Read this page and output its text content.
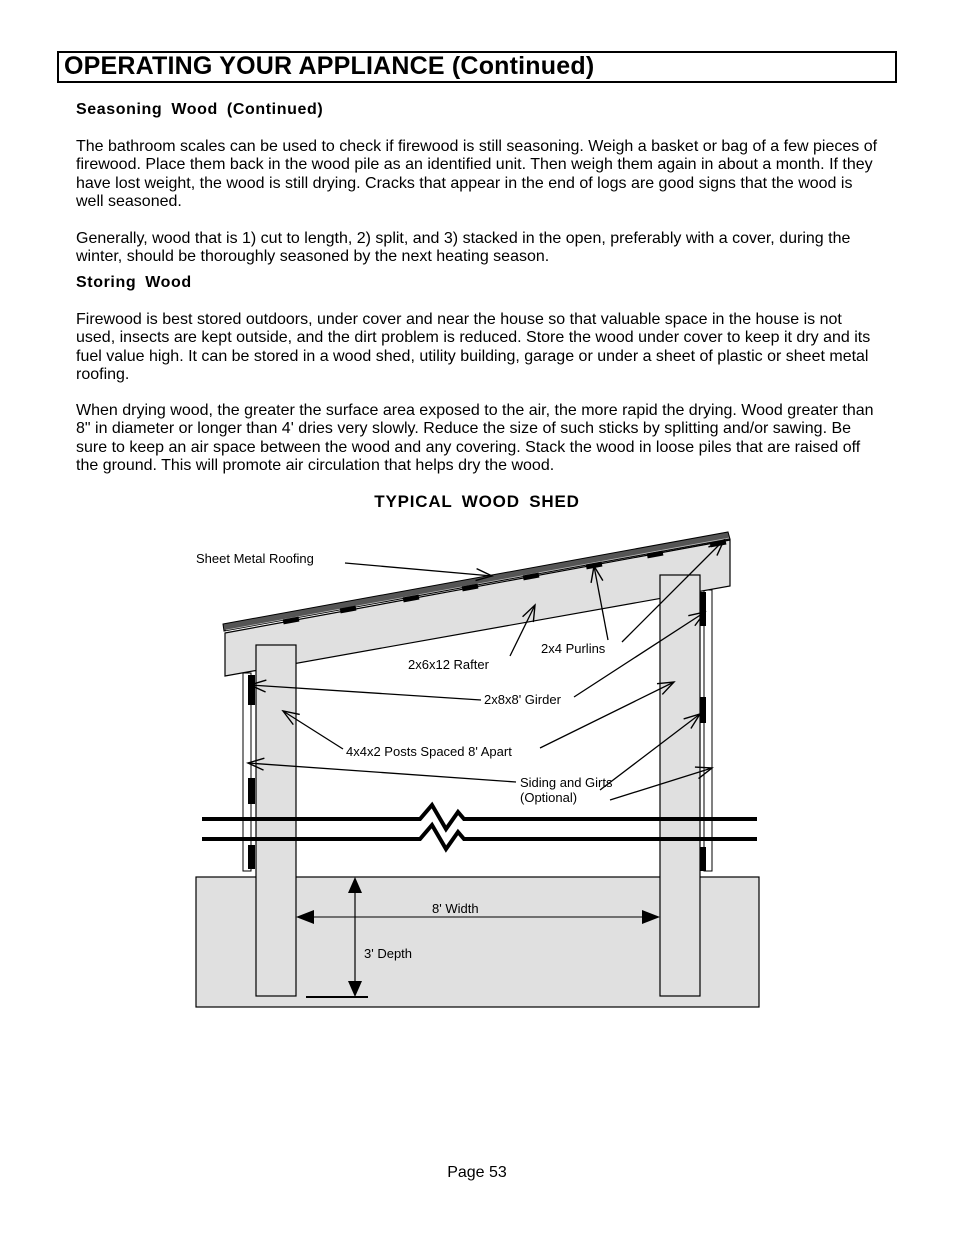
OPERATING YOUR APPLIANCE (Continued)
Seasoning Wood (Continued)
The bathroom scales can be used to check if firewood is still seasoning. Weigh a basket or bag of a few pieces of firewood. Place them back in the wood pile as an identified unit. Then weigh them again in about a month. If they have lost weight, the wood is still drying. Cracks that appear in the end of logs are good signs that the wood is well seasoned.
Generally, wood that is 1) cut to length, 2) split, and 3) stacked in the open, preferably with a cover, during the winter, should be thoroughly seasoned by the next heating season.
Storing Wood
Firewood is best stored outdoors, under cover and near the house so that valuable space in the house is not used, insects are kept outside, and the dirt problem is reduced. Store the wood under cover to keep it dry and its fuel value high. It can be stored in a wood shed, utility building, garage or under a sheet of plastic or sheet metal roofing.
When drying wood, the greater the surface area exposed to the air, the more rapid the drying. Wood greater than 8" in diameter or longer than 4' dries very slowly. Reduce the size of such sticks by splitting and/or sawing. Be sure to keep an air space between the wood and any covering. Stack the wood in loose piles that are raised off the ground. This will promote air circulation that helps dry the wood.
TYPICAL WOOD SHED
Sheet Metal Roofing
2x4 Purlins
2x6x12 Rafter
2x8x8' Girder
4x4x2 Posts Spaced 8' Apart
Siding and Girts
(Optional)
8' Width
3' Depth
Page 53
